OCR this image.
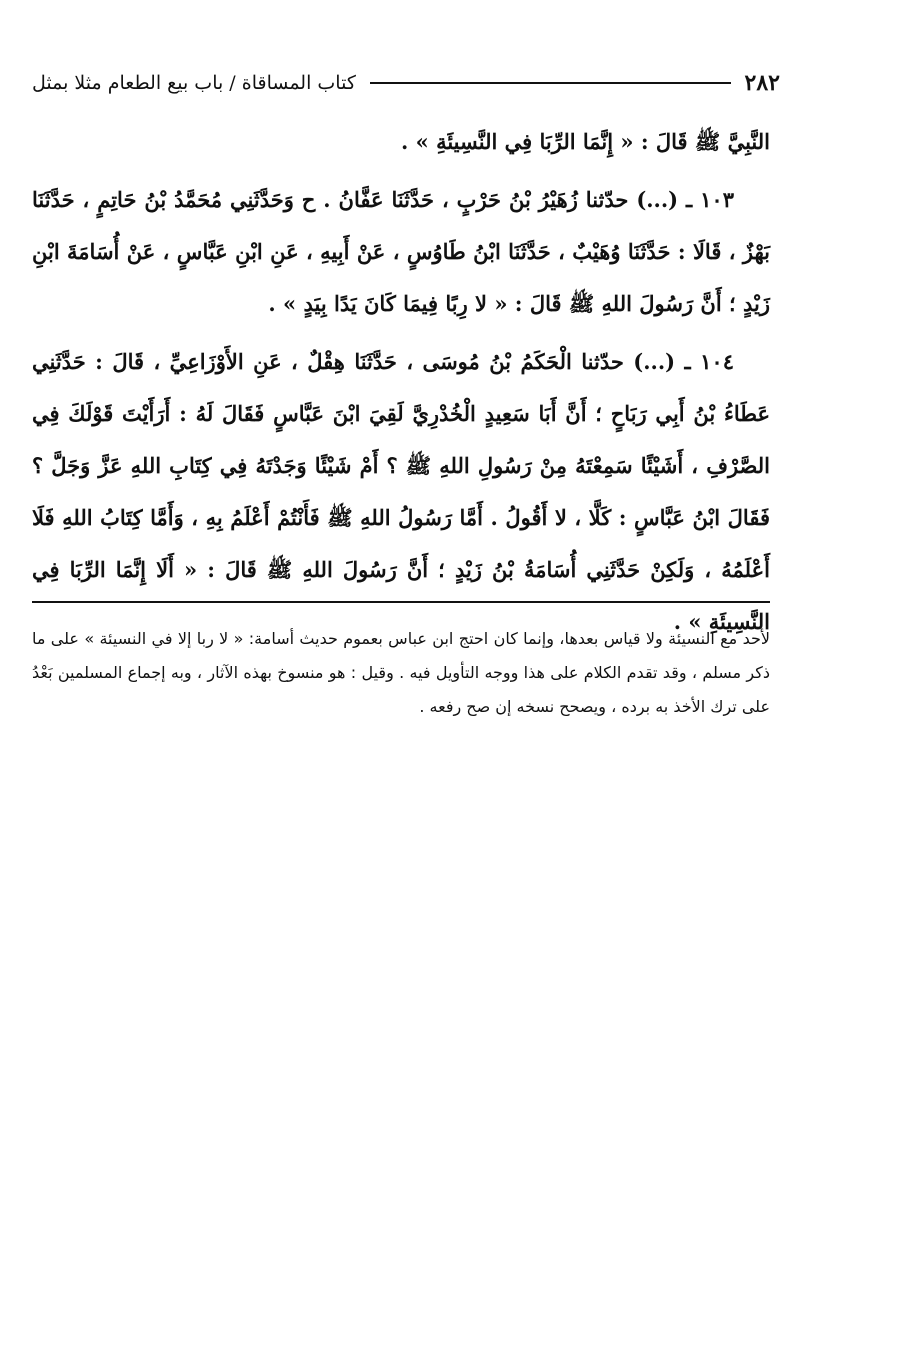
٢٨٢
كتاب المساقاة / باب بيع الطعام مثلا بمثل

النَّبِيَّ ﷺ قَالَ : « إِنَّمَا الرِّبَا فِي النَّسِيئَةِ » .

١٠٣ ـ (...) حدّثنا زُهَيْرُ بْنُ حَرْبٍ ، حَدَّثَنَا عَفَّانُ . ح وَحَدَّثَنِي مُحَمَّدُ بْنُ حَاتِمٍ ، حَدَّثَنَا بَهْزٌ ، قَالَا : حَدَّثَنَا وُهَيْبٌ ، حَدَّثَنَا ابْنُ طَاوُسٍ ، عَنْ أَبِيهِ ، عَنِ ابْنِ عَبَّاسٍ ، عَنْ أُسَامَةَ ابْنِ زَيْدٍ ؛ أَنَّ رَسُولَ اللهِ ﷺ قَالَ : « لا رِبًا فِيمَا كَانَ يَدًا بِيَدٍ » .

١٠٤ ـ (...) حدّثنا الْحَكَمُ بْنُ مُوسَى ، حَدَّثَنَا هِقْلٌ ، عَنِ الأَوْزَاعِيِّ ، قَالَ : حَدَّثَنِي عَطَاءُ بْنُ أَبِي رَبَاحٍ ؛ أَنَّ أَبَا سَعِيدٍ الْخُدْرِيَّ لَقِيَ ابْنَ عَبَّاسٍ فَقَالَ لَهُ : أَرَأَيْتَ قَوْلَكَ فِي الصَّرْفِ ، أَشَيْئًا سَمِعْتَهُ مِنْ رَسُولِ اللهِ ﷺ ؟ أَمْ شَيْئًا وَجَدْتَهُ فِي كِتَابِ اللهِ عَزَّ وَجَلَّ ؟ فَقَالَ ابْنُ عَبَّاسٍ : كَلَّا ، لا أَقُولُ . أَمَّا رَسُولُ اللهِ ﷺ فَأَنْتُمْ أَعْلَمُ بِهِ ، وَأَمَّا كِتَابُ اللهِ فَلَا أَعْلَمُهُ ، وَلَكِنْ حَدَّثَنِي أُسَامَةُ بْنُ زَيْدٍ ؛ أَنَّ رَسُولَ اللهِ ﷺ قَالَ : « أَلَا إِنَّمَا الرِّبَا فِي النَّسِيئَةِ » .

لأحد مع النسيئة ولا قياس بعدها، وإنما كان احتج ابن عباس بعموم حديث أسامة: « لا ربا إلا في النسيئة » على ما ذكر مسلم ، وقد تقدم الكلام على هذا ووجه التأويل فيه . وقيل : هو منسوخ بهذه الآثار ، وبه إجماع المسلمين بَعْدُ على ترك الأخذ به برده ، ويصحح نسخه إن صح رفعه .
